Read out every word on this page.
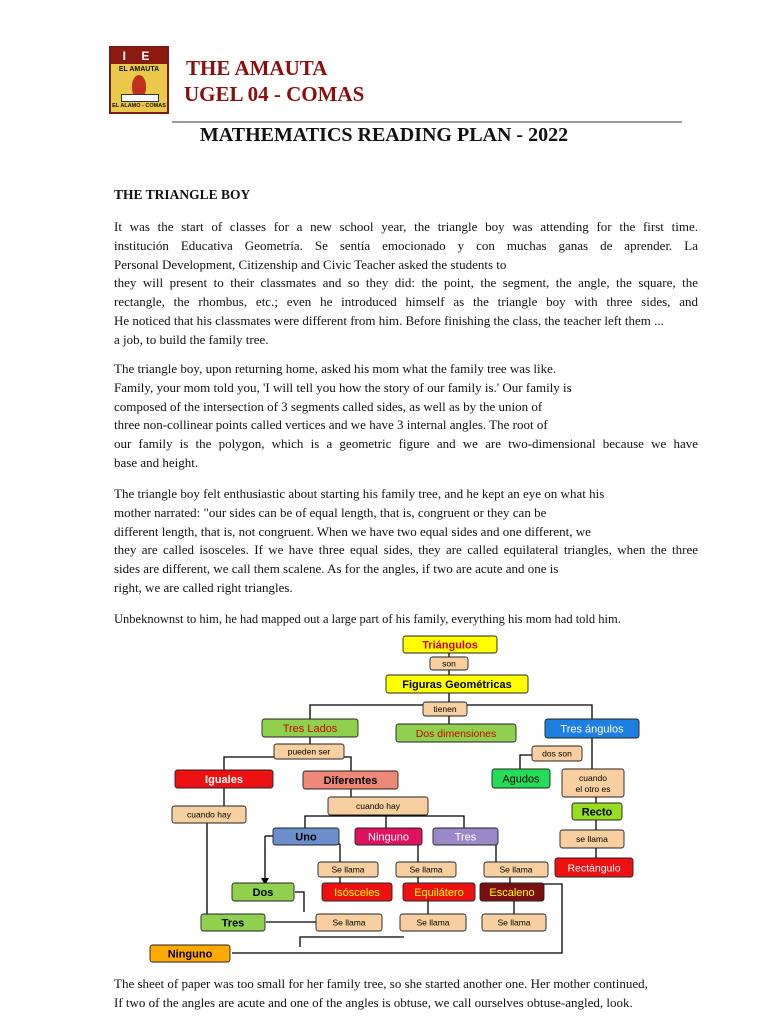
I E
EL AMAUTA
EL ALAMO - COMAS
THE AMAUTA
UGEL 04 - COMAS
MATHEMATICS READING PLAN - 2022
THE TRIANGLE BOY
It was the start of classes for a new school year, the triangle boy was attending for the first time.
institución Educativa Geometría. Se sentía emocionado y con muchas ganas de aprender. La
Personal Development, Citizenship and Civic Teacher asked the students to
they will present to their classmates and so they did: the point, the segment, the angle, the square, the
rectangle, the rhombus, etc.; even he introduced himself as the triangle boy with three sides, and
He noticed that his classmates were different from him. Before finishing the class, the teacher left them ...
a job, to build the family tree.
The triangle boy, upon returning home, asked his mom what the family tree was like.
Family, your mom told you, 'I will tell you how the story of our family is.' Our family is
composed of the intersection of 3 segments called sides, as well as by the union of
three non-collinear points called vertices and we have 3 internal angles. The root of
our family is the polygon, which is a geometric figure and we are two-dimensional because we have
base and height.
The triangle boy felt enthusiastic about starting his family tree, and he kept an eye on what his
mother narrated: "our sides can be of equal length, that is, congruent or they can be
different length, that is, not congruent. When we have two equal sides and one different, we
they are called isosceles. If we have three equal sides, they are called equilateral triangles, when the three
sides are different, we call them scalene. As for the angles, if two are acute and one is
right, we are called right triangles.
Unbeknownst to him, he had mapped out a large part of his family, everything his mom had told him.
Triángulos
son
Figuras Geométricas
tienen
Tres Lados	Dos dimensiones	Tres ángulos
pueden ser	dos son
Iguales	Diferentes	Agudos
cuando hay
cuando hay
Recto
Uno	Ninguno	Tres	se llama
Se llama	Se llama	Se llama	Rectángulo
Dos	Isósceles	Equilátero Escaleno
Se llama	Se llama	Se llama
Tres
Ninguno
cuando
el otro es
The sheet of paper was too small for her family tree, so she started another one. Her mother continued,
If two of the angles are acute and one of the angles is obtuse, we call ourselves obtuse-angled, look.
